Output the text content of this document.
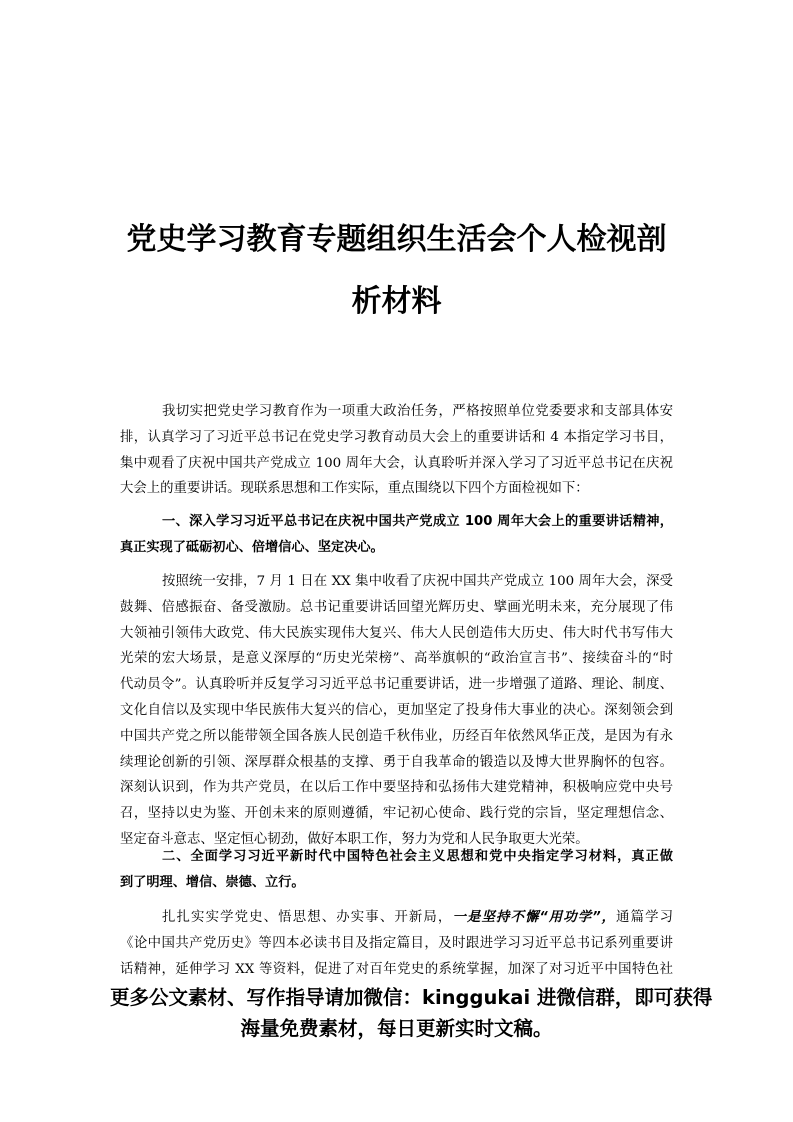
党史学习教育专题组织生活会个人检视剖
析材料
我切实把党史学习教育作为一项重大政治任务，严格按照单位党委要求和支部具体安
排，认真学习了习近平总书记在党史学习教育动员大会上的重要讲话和 4 本指定学习书目，
集中观看了庆祝中国共产党成立 100 周年大会，认真聆听并深入学习了习近平总书记在庆祝
大会上的重要讲话。现联系思想和工作实际，重点围绕以下四个方面检视如下：
一、深入学习习近平总书记在庆祝中国共产党成立 100 周年大会上的重要讲话精神，
真正实现了砥砺初心、倍增信心、坚定决心。
按照统一安排，7 月 1 日在 XX 集中收看了庆祝中国共产党成立 100 周年大会，深受
鼓舞、倍感振奋、备受激励。总书记重要讲话回望光辉历史、擘画光明未来，充分展现了伟
大领袖引领伟大政党、伟大民族实现伟大复兴、伟大人民创造伟大历史、伟大时代书写伟大
光荣的宏大场景，是意义深厚的“历史光荣榜”、高举旗帜的“政治宣言书”、接续奋斗的“时
代动员令”。认真聆听并反复学习习近平总书记重要讲话，进一步增强了道路、理论、制度、
文化自信以及实现中华民族伟大复兴的信心，更加坚定了投身伟大事业的决心。深刻领会到
中国共产党之所以能带领全国各族人民创造千秋伟业，历经百年依然风华正茂，是因为有永
续理论创新的引领、深厚群众根基的支撑、勇于自我革命的锻造以及博大世界胸怀的包容。
深刻认识到，作为共产党员，在以后工作中要坚持和弘扬伟大建党精神，积极响应党中央号
召，坚持以史为鉴、开创未来的原则遵循，牢记初心使命、践行党的宗旨，坚定理想信念、
坚定奋斗意志、坚定恒心韧劲，做好本职工作，努力为党和人民争取更大光荣。
二、全面学习习近平新时代中国特色社会主义思想和党中央指定学习材料，真正做
到了明理、增信、崇德、立行。
扎扎实实学党史、悟思想、办实事、开新局，一是坚持不懈“用功学”，通篇学习
《论中国共产党历史》等四本必读书目及指定篇目，及时跟进学习习近平总书记系列重要讲
话精神，延伸学习 XX 等资料，促进了对百年党史的系统掌握，加深了对习近平中国特色社
更多公文素材、写作指导请加微信：kinggukai 进微信群，即可获得
海量免费素材，每日更新实时文稿。
